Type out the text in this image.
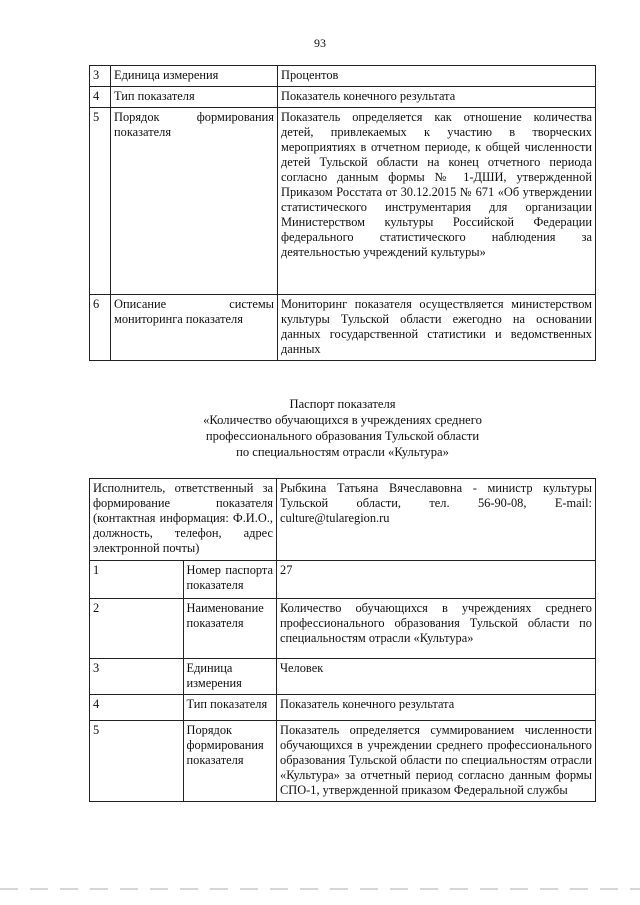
93
3	Единица измерения	Процентов
4	Тип показателя	Показатель конечного результата
5	Порядок формирования показателя	Показатель определяется как отношение количества детей, привлекаемых к участию в творческих мероприятиях в отчетном периоде, к общей численности детей Тульской области на конец отчетного периода согласно данным формы № 1-ДШИ, утвержденной Приказом Росстата от 30.12.2015 № 671 «Об утверждении статистического инструментария для организации Министерством культуры Российской Федерации федерального статистического наблюдения за деятельностью учреждений культуры»
6	Описание системы мониторинга показателя	Мониторинг показателя осуществляется министерством культуры Тульской области ежегодно на основании данных государственной статистики и ведомственных данных
Паспорт показателя
«Количество обучающихся в учреждениях среднего
профессионального образования Тульской области
по специальностям отрасли «Культура»
Исполнитель, ответственный за формирование показателя (контактная информация: Ф.И.О., должность, телефон, адрес электронной почты)		Рыбкина Татьяна Вячеславовна - министр культуры Тульской области, тел. 56-90-08, E-mail: culture@tularegion.ru
1	Номер паспорта показателя	27
2	Наименование показателя	Количество обучающихся в учреждениях среднего профессионального образования Тульской области по специальностям отрасли «Культура»
3	Единица измерения	Человек
4	Тип показателя	Показатель конечного результата
5	Порядок формирования показателя	Показатель определяется суммированием численности обучающихся в учреждении среднего профессионального образования Тульской области по специальностям отрасли «Культура» за отчетный период согласно данным формы СПО-1, утвержденной приказом Федеральной службы
